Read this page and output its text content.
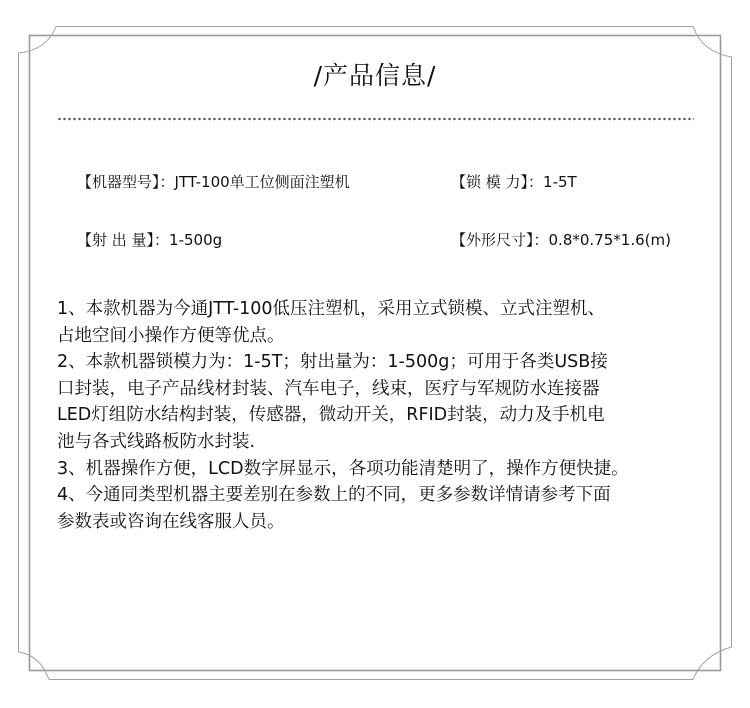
/产品信息/
【机器型号】：JTT-100单工位侧面注塑机	【锁 模 力】：1-5T
【射 出 量】：1-500g	【外形尺寸】：0.8*0.75*1.6(m)

1、本款机器为今通JTT-100低压注塑机，采用立式锁模、立式注塑机、

占地空间小操作方便等优点。

2、本款机器锁模力为：1-5T；射出量为：1-500g；可用于各类USB接

口封装，电子产品线材封装、汽车电子，线束，医疗与军规防水连接器

LED灯组防水结构封装，传感器，微动开关，RFID封装，动力及手机电

池与各式线路板防水封装.

3、机器操作方便，LCD数字屏显示，各项功能清楚明了，操作方便快捷。

4、今通同类型机器主要差别在参数上的不同，更多参数详情请参考下面

参数表或咨询在线客服人员。
